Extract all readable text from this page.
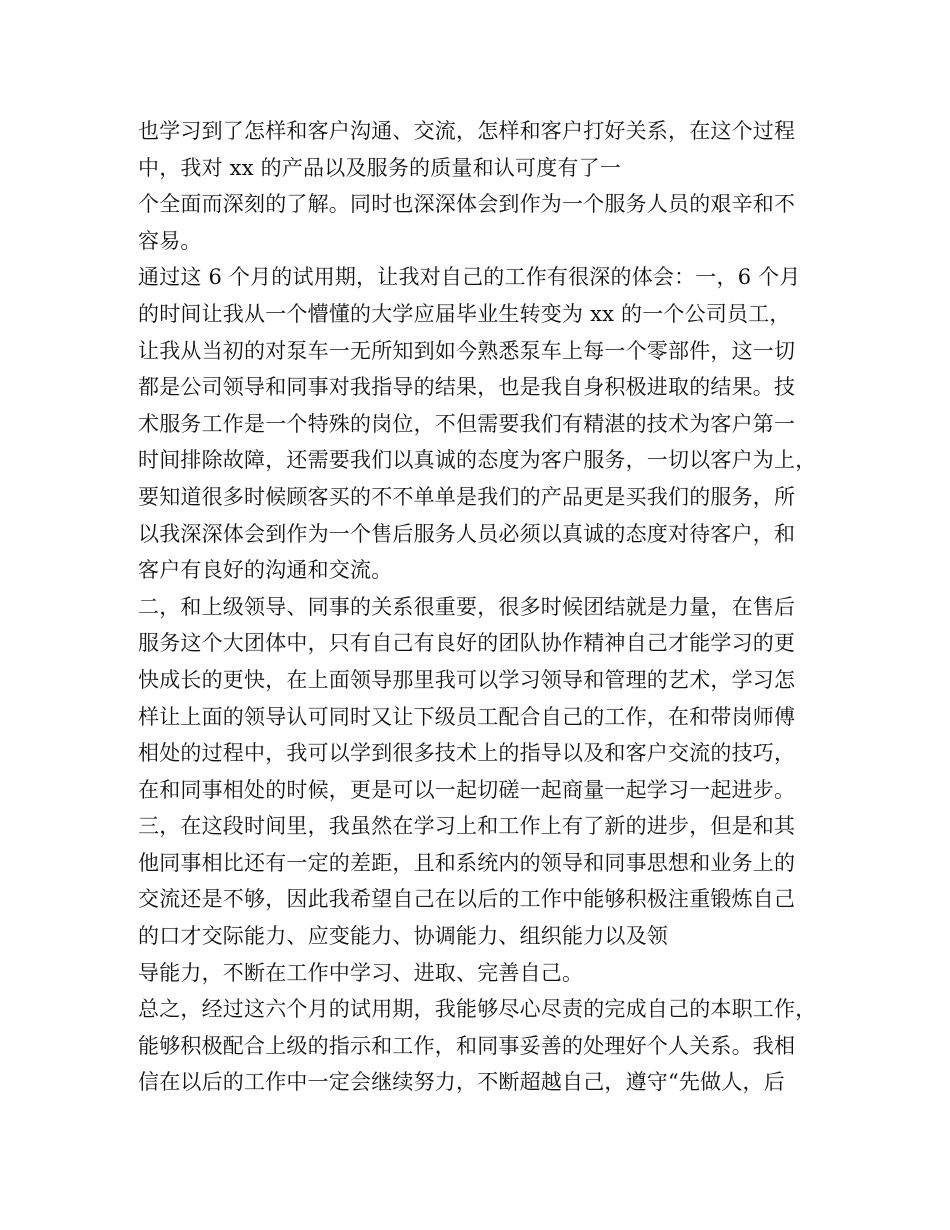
也学习到了怎样和客户沟通、交流，怎样和客户打好关系，在这个过程
中，我对 xx 的产品以及服务的质量和认可度有了一
个全面而深刻的了解。同时也深深体会到作为一个服务人员的艰辛和不
容易。
通过这 6 个月的试用期，让我对自己的工作有很深的体会：一，6 个月
的时间让我从一个懵懂的大学应届毕业生转变为 xx 的一个公司员工，
让我从当初的对泵车一无所知到如今熟悉泵车上每一个零部件，这一切
都是公司领导和同事对我指导的结果，也是我自身积极进取的结果。技
术服务工作是一个特殊的岗位，不但需要我们有精湛的技术为客户第一
时间排除故障，还需要我们以真诚的态度为客户服务，一切以客户为上，
要知道很多时候顾客买的不不单单是我们的产品更是买我们的服务，所
以我深深体会到作为一个售后服务人员必须以真诚的态度对待客户，和
客户有良好的沟通和交流。
二，和上级领导、同事的关系很重要，很多时候团结就是力量，在售后
服务这个大团体中，只有自己有良好的团队协作精神自己才能学习的更
快成长的更快，在上面领导那里我可以学习领导和管理的艺术，学习怎
样让上面的领导认可同时又让下级员工配合自己的工作，在和带岗师傅
相处的过程中，我可以学到很多技术上的指导以及和客户交流的技巧，
在和同事相处的时候，更是可以一起切磋一起商量一起学习一起进步。
三，在这段时间里，我虽然在学习上和工作上有了新的进步，但是和其
他同事相比还有一定的差距，且和系统内的领导和同事思想和业务上的
交流还是不够，因此我希望自己在以后的工作中能够积极注重锻炼自己
的口才交际能力、应变能力、协调能力、组织能力以及领
导能力，不断在工作中学习、进取、完善自己。
总之，经过这六个月的试用期，我能够尽心尽责的完成自己的本职工作，
能够积极配合上级的指示和工作，和同事妥善的处理好个人关系。我相
信在以后的工作中一定会继续努力，不断超越自己，遵守“先做人，后
